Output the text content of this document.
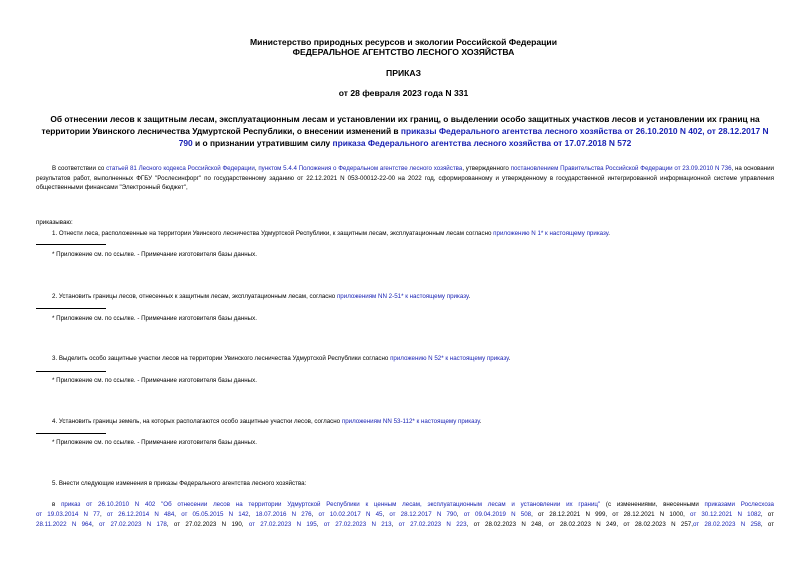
Министерство природных ресурсов и экологии Российской Федерации
ФЕДЕРАЛЬНОЕ АГЕНТСТВО ЛЕСНОГО ХОЗЯЙСТВА
ПРИКАЗ
от 28 февраля 2023 года N 331
Об отнесении лесов к защитным лесам, эксплуатационным лесам и установлении их границ, о выделении особо защитных участков лесов и установлении их границ на территории Увинского лесничества Удмуртской Республики, о внесении изменений в приказы Федерального агентства лесного хозяйства от 26.10.2010 N 402, от 28.12.2017 N 790 и о признании утратившим силу приказа Федерального агентства лесного хозяйства от 17.07.2018 N 572
В соответствии со статьей 81 Лесного кодекса Российской Федерации, пунктом 5.4.4 Положения о Федеральном агентстве лесного хозяйства, утвержденного постановлением Правительства Российской Федерации от 23.09.2010 N 736, на основании результатов работ, выполненных ФГБУ "Рослесинфорг" по государственному заданию от 22.12.2021 N 053-00012-22-00 на 2022 год, сформированному и утвержденному в государственной интегрированной информационной системе управления общественными финансами "Электронный бюджет",
приказываю:
1. Отнести леса, расположенные на территории Увинского лесничества Удмуртской Республики, к защитным лесам, эксплуатационным лесам согласно приложению N 1* к настоящему приказу.
* Приложение см. по ссылке. - Примечание изготовителя базы данных.
2. Установить границы лесов, отнесенных к защитным лесам, эксплуатационным лесам, согласно приложениям NN 2-51* к настоящему приказу.
* Приложение см. по ссылке. - Примечание изготовителя базы данных.
3. Выделить особо защитные участки лесов на территории Увинского лесничества Удмуртской Республики согласно приложению N 52* к настоящему приказу.
* Приложение см. по ссылке. - Примечание изготовителя базы данных.
4. Установить границы земель, на которых располагаются особо защитные участки лесов, согласно приложениям NN 53-112* к настоящему приказу.
* Приложение см. по ссылке. - Примечание изготовителя базы данных.
5. Внести следующие изменения в приказы Федерального агентства лесного хозяйства:
в приказ от 26.10.2010 N 402 "Об отнесении лесов на территории Удмуртской Республики к ценным лесам, эксплуатационным лесам и установлении их границ" (с изменениями, внесенными приказами Рослесхоза
от 19.03.2014 N 77, от 26.12.2014 N 484, от 05.05.2015 N 142, 18.07.2016 N 276, от 10.02.2017 N 45, от 28.12.2017 N 790, от 09.04.2019 N 508, от 28.12.2021 N 999, от 28.12.2021 N 1000, от 30.12.2021 N 1082, от
28.11.2022 N 964, от 27.02.2023 N 178, от 27.02.2023 N 190, от 27.02.2023 N 195, от 27.02.2023 N 213, от 27.02.2023 N 223, от 28.02.2023 N 248, от 28.02.2023 N 249, от 28.02.2023 N 257,от 28.02.2023 N 258, от
